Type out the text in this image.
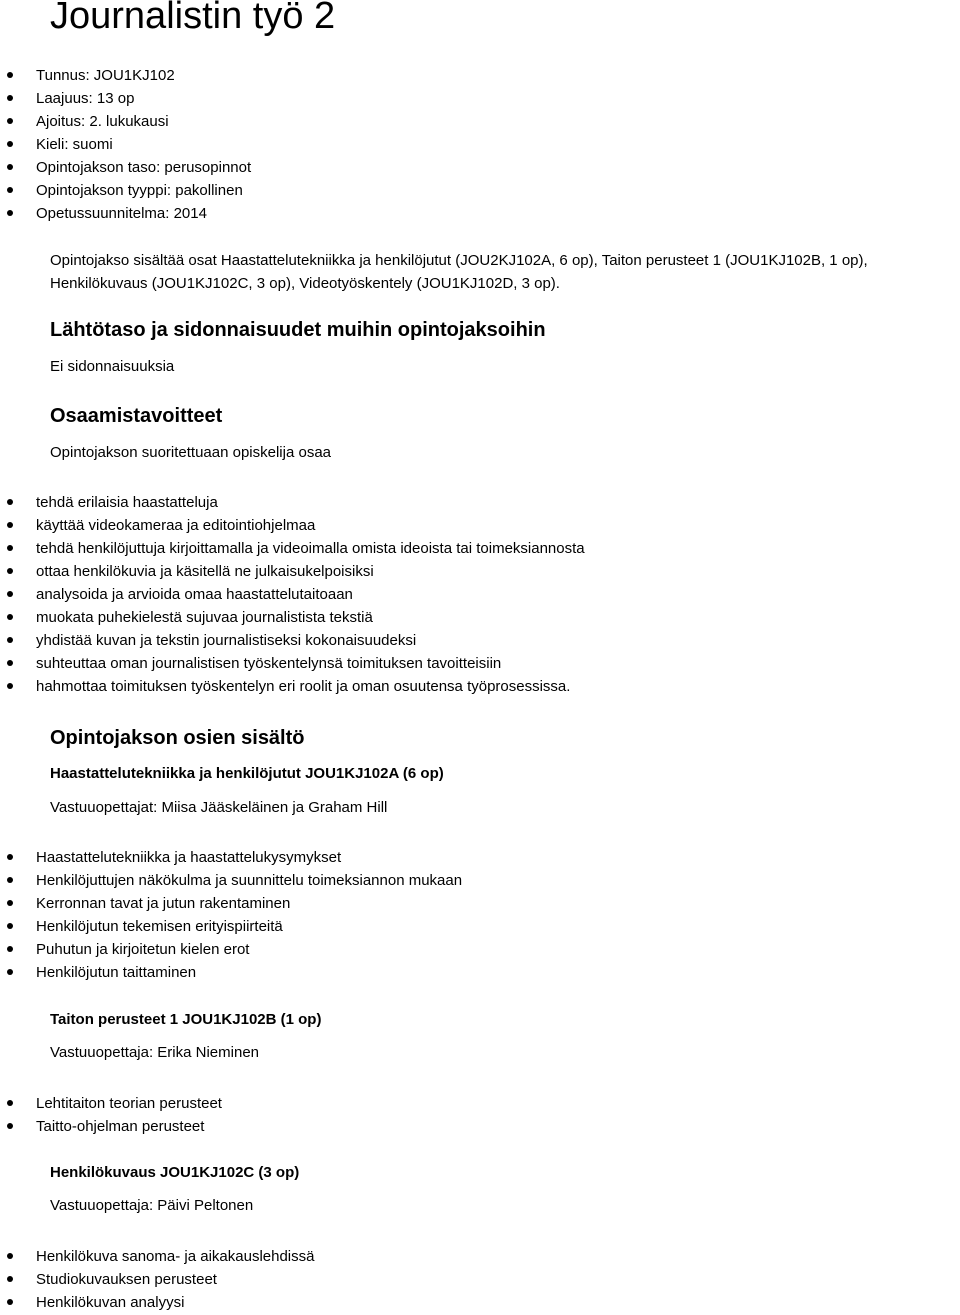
Journalistin työ 2
Tunnus: JOU1KJ102
Laajuus: 13 op
Ajoitus: 2. lukukausi
Kieli: suomi
Opintojakson taso: perusopinnot
Opintojakson tyyppi: pakollinen
Opetussuunnitelma: 2014

Opintojakso sisältää osat Haastattelutekniikka ja henkilöjutut (JOU2KJ102A, 6 op), Taiton perusteet 1 (JOU1KJ102B, 1 op),

Henkilökuvaus (JOU1KJ102C, 3 op), Videotyöskentely (JOU1KJ102D, 3 op).

Lähtötaso ja sidonnaisuudet muihin opintojaksoihin

Ei sidonnaisuuksia

Osaamistavoitteet

Opintojakson suoritettuaan opiskelija osaa

tehdä erilaisia haastatteluja
käyttää videokameraa ja editointiohjelmaa
tehdä henkilöjuttuja kirjoittamalla ja videoimalla omista ideoista tai toimeksiannosta
ottaa henkilökuvia ja käsitellä ne julkaisukelpoisiksi
analysoida ja arvioida omaa haastattelutaitoaan
muokata puhekielestä sujuvaa journalistista tekstiä
yhdistää kuvan ja tekstin journalistiseksi kokonaisuudeksi
suhteuttaa oman journalistisen työskentelynsä toimituksen tavoitteisiin
hahmottaa toimituksen työskentelyn eri roolit ja oman osuutensa työprosessissa.
Opintojakson osien sisältö
Haastattelutekniikka ja henkilöjutut JOU1KJ102A (6 op)

Vastuuopettajat: Miisa Jääskeläinen ja Graham Hill

Haastattelutekniikka ja haastattelukysymykset
Henkilöjuttujen näkökulma ja suunnittelu toimeksiannon mukaan
Kerronnan tavat ja jutun rakentaminen
Henkilöjutun tekemisen erityispiirteitä
Puhutun ja kirjoitetun kielen erot
Henkilöjutun taittaminen
Taiton perusteet 1 JOU1KJ102B (1 op)

Vastuuopettaja: Erika Nieminen

Lehtitaiton teorian perusteet
Taitto-ohjelman perusteet
Henkilökuvaus JOU1KJ102C (3 op)

Vastuuopettaja: Päivi Peltonen

Henkilökuva sanoma- ja aikakauslehdissä
Studiokuvauksen perusteet
Henkilökuvan analyysi
